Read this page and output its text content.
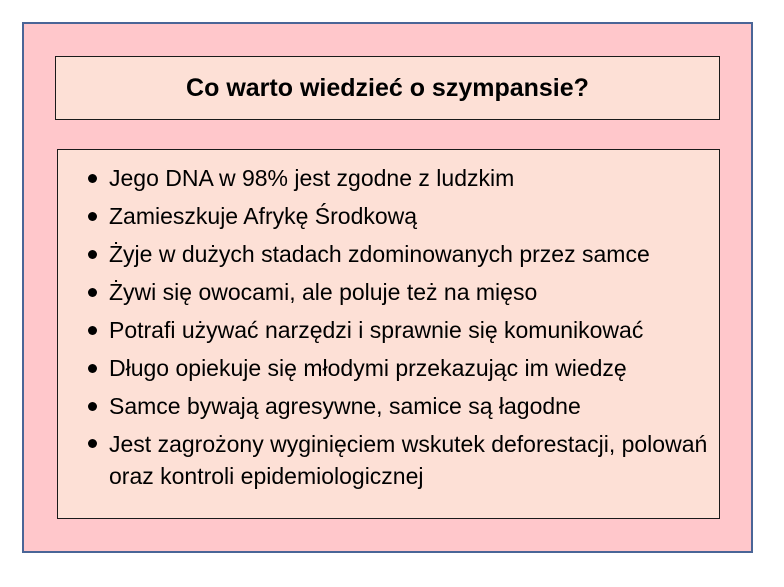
Co warto wiedzieć o szympansie?
Jego DNA w 98% jest zgodne z ludzkim
Zamieszkuje Afrykę Środkową
Żyje w dużych stadach zdominowanych przez samce
Żywi się owocami, ale poluje też na mięso
Potrafi używać narzędzi i sprawnie się komunikować
Długo opiekuje się młodymi przekazując im wiedzę
Samce bywają agresywne, samice są łagodne
Jest zagrożony wyginięciem wskutek deforestacji, polowań oraz kontroli epidemiologicznej
